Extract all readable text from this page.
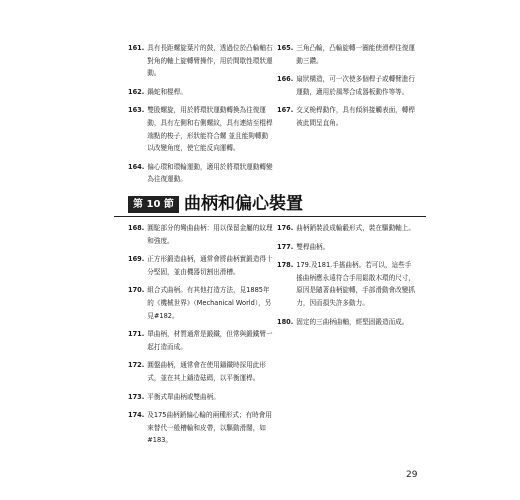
161. 具有長距螺旋葉片的鼓，透過位於凸輪軸右對角的軸上旋轉臂操作，用於間歇性環狀運動。
162. 鍋蛇和棍桿。
163. 雙股螺旋，用於將環狀運動轉換為往復運動，具有左側和右側螺紋，具有連結至棍桿端點的梭子，形狀能符合螺 並且能夠轉動以改變角度，使它能反向運轉。
164. 偏心環和環輪運動，適用於將環狀運動轉變為往復運動。
165. 三角凸輪，凸輪旋轉一圈能使滑桿往復運動三鑽。
166. 扇狀構造，可一次使多個桿子或轉臂進行運動，適用於風琴合成器板動作等等。
167. 交叉桅桿動作，具有傾斜接觸表面，轉桿被此間呈直角。
第 10 節 曲柄和偏心裝置
168. 圓駝部分的彎曲曲柄：用以保留金屬的紋理和強度。
169. 正方形鍛造曲柄，通常會將曲柄實鍛造得十分堅固，並由機器切割出滑槽。
170. 組合式曲柄。有其他打造方法，見1885年的《機械世界》（Mechanical World），另見#182。
171. 單曲柄，材質通常是鍛鐵，但常與鍛鐵臂一起打造而成。
172. 圓盤曲柄，通常會在使用鑄鐵時採用此形式，並在其上鑄造砝碼，以平衡運桿。
173. 平衡式單曲柄或雙曲柄。
174. 及175曲柄銷偏心輪的兩種形式；有時會用來替代一般槽輪和皮帶，以驅動滑闊，如#183。
176. 曲柄銷裝設成輪轂形式，裝在驅動軸上。
177. 雙桿曲柄。
178. 179.及181.手搖曲柄。若可以，這些手搖曲柄應永遠符合手用鬆散木環的尺寸，原因是隨著曲柄旋轉，手部滑動會改變抓力，因而損失許多動力。
180. 固定的三曲柄曲軸，經堅固鍛造而成。
29
